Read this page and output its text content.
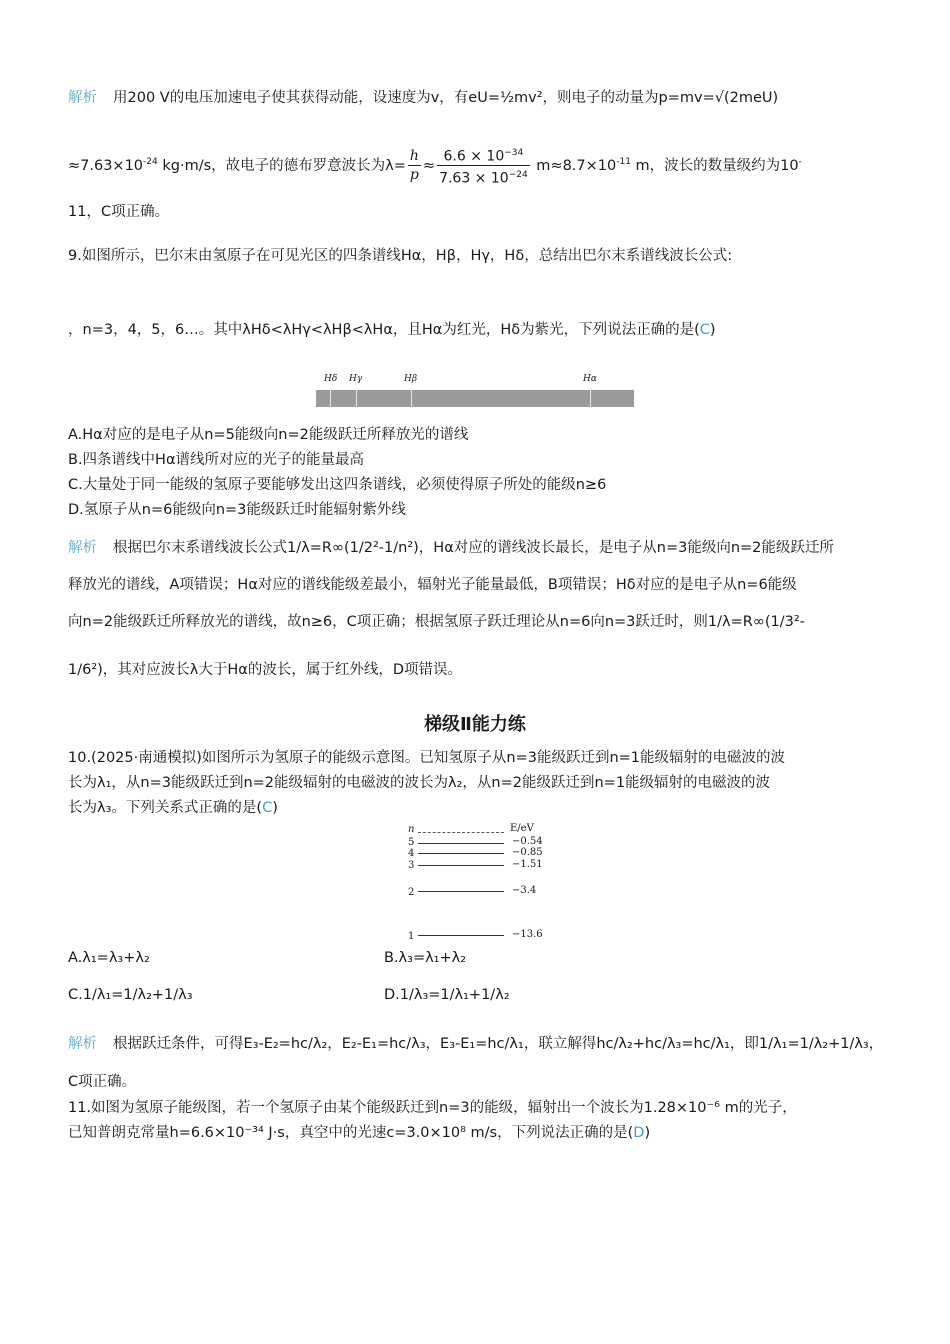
解析 用200 V的电压加速电子使其获得动能，设速度为v，有eU=½mv²，则电子的动量为p=mv=√(2meU)
$\approx 7.63\times 10^{-24}$ kg·m/s，故电子的德布罗意波长为$\lambda= \frac{h}{p} \approx \frac{6.6 \times 10^{-34}}{7.63 \times 10^{-24}} m\approx 8.7\times 10^{-11}$ m，波长的数量级约为10-
11，C项正确。
9.如图所示，巴尔末由氢原子在可见光区的四条谱线Hα，Hβ，Hγ，Hδ，总结出巴尔末系谱线波长公式:
，n=3，4，5，6…。其中λHδ<λHγ<λHβ<λHα，且Hα为红光，Hδ为紫光，下列说法正确的是(C)
Hδ Hγ	Hβ	Hα
A.Hα对应的是电子从n=5能级向n=2能级跃迁所释放光的谱线
B.四条谱线中Hα谱线所对应的光子的能量最高
C.大量处于同一能级的氢原子要能够发出这四条谱线，必须使得原子所处的能级n≥6
D.氢原子从n=6能级向n=3能级跃迁时能辐射紫外线
解析 根据巴尔末系谱线波长公式1/λ=R∞(1/2²-1/n²)，Hα对应的谱线波长最长，是电子从n=3能级向n=2能级跃迁所
释放光的谱线，A项错误；Hα对应的谱线能级差最小，辐射光子能量最低，B项错误；Hδ对应的是电子从n=6能级
向n=2能级跃迁所释放光的谱线，故n≥6，C项正确；根据氢原子跃迁理论从n=6向n=3跃迁时，则1/λ=R∞(1/3²-
1/6²)，其对应波长λ大于Hα的波长，属于红外线，D项错误。
梯级Ⅱ能力练
10.(2025·南通模拟)如图所示为氢原子的能级示意图。已知氢原子从n=3能级跃迁到n=1能级辐射的电磁波的波
长为λ₁，从n=3能级跃迁到n=2能级辐射的电磁波的波长为λ₂，从n=2能级跃迁到n=1能级辐射的电磁波的波
长为λ₃。下列关系式正确的是(C)
n	E/eV
5	−0.54
4	−0.85
3	−1.51
2	−3.4
1	−13.6
A.λ₁=λ₃+λ₂	B.λ₃=λ₁+λ₂
C.1/λ₁=1/λ₂+1/λ₃	D.1/λ₃=1/λ₁+1/λ₂
解析 根据跃迁条件，可得E₃-E₂=hc/λ₂，E₂-E₁=hc/λ₃，E₃-E₁=hc/λ₁，联立解得hc/λ₂+hc/λ₃=hc/λ₁，即1/λ₁=1/λ₂+1/λ₃，
C项正确。
11.如图为氢原子能级图，若一个氢原子由某个能级跃迁到n=3的能级，辐射出一个波长为1.28×10⁻⁶ m的光子，
已知普朗克常量h=6.6×10⁻³⁴ J·s，真空中的光速c=3.0×10⁸ m/s，下列说法正确的是(D)
